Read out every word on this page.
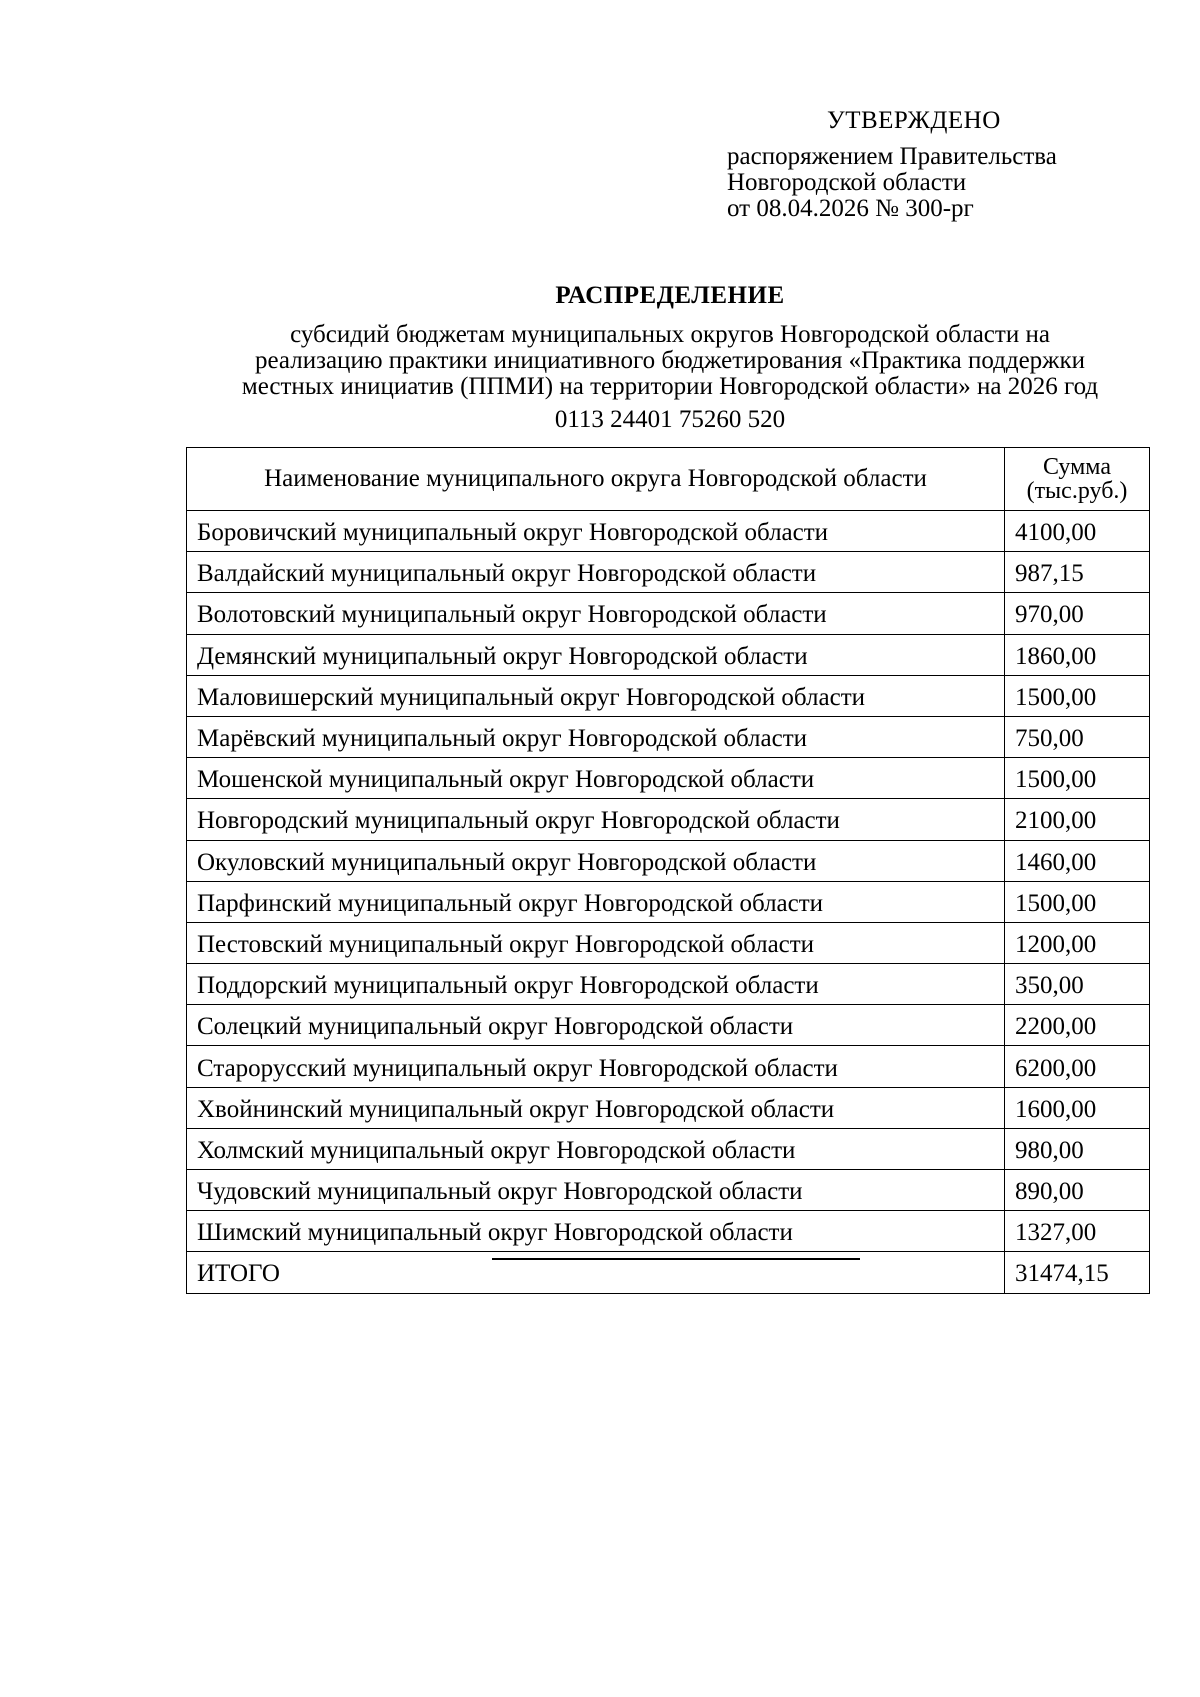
УТВЕРЖДЕНО
распоряжением Правительства
Новгородской области
от 08.04.2026 № 300-рг
РАСПРЕДЕЛЕНИЕ
субсидий бюджетам муниципальных округов Новгородской области на
реализацию практики инициативного бюджетирования «Практика поддержки
местных инициатив (ППМИ) на территории Новгородской области» на 2026 год
0113 24401 75260 520
Наименование муниципального округа Новгородской области	Сумма
(тыс.руб.)

Боровичский муниципальный округ Новгородской области	4100,00
Валдайский муниципальный округ Новгородской области	987,15
Волотовский муниципальный округ Новгородской области	970,00
Демянский муниципальный округ Новгородской области	1860,00
Маловишерский муниципальный округ Новгородской области	1500,00
Марёвский муниципальный округ Новгородской области	750,00
Мошенской муниципальный округ Новгородской области	1500,00
Новгородский муниципальный округ Новгородской области	2100,00
Окуловский муниципальный округ Новгородской области	1460,00
Парфинский муниципальный округ Новгородской области	1500,00
Пестовский муниципальный округ Новгородской области	1200,00
Поддорский муниципальный округ Новгородской области	350,00
Солецкий муниципальный округ Новгородской области	2200,00
Старорусский муниципальный округ Новгородской области	6200,00
Хвойнинский муниципальный округ Новгородской области	1600,00
Холмский муниципальный округ Новгородской области	980,00
Чудовский муниципальный округ Новгородской области	890,00
Шимский муниципальный округ Новгородской области	1327,00
ИТОГО	31474,15
